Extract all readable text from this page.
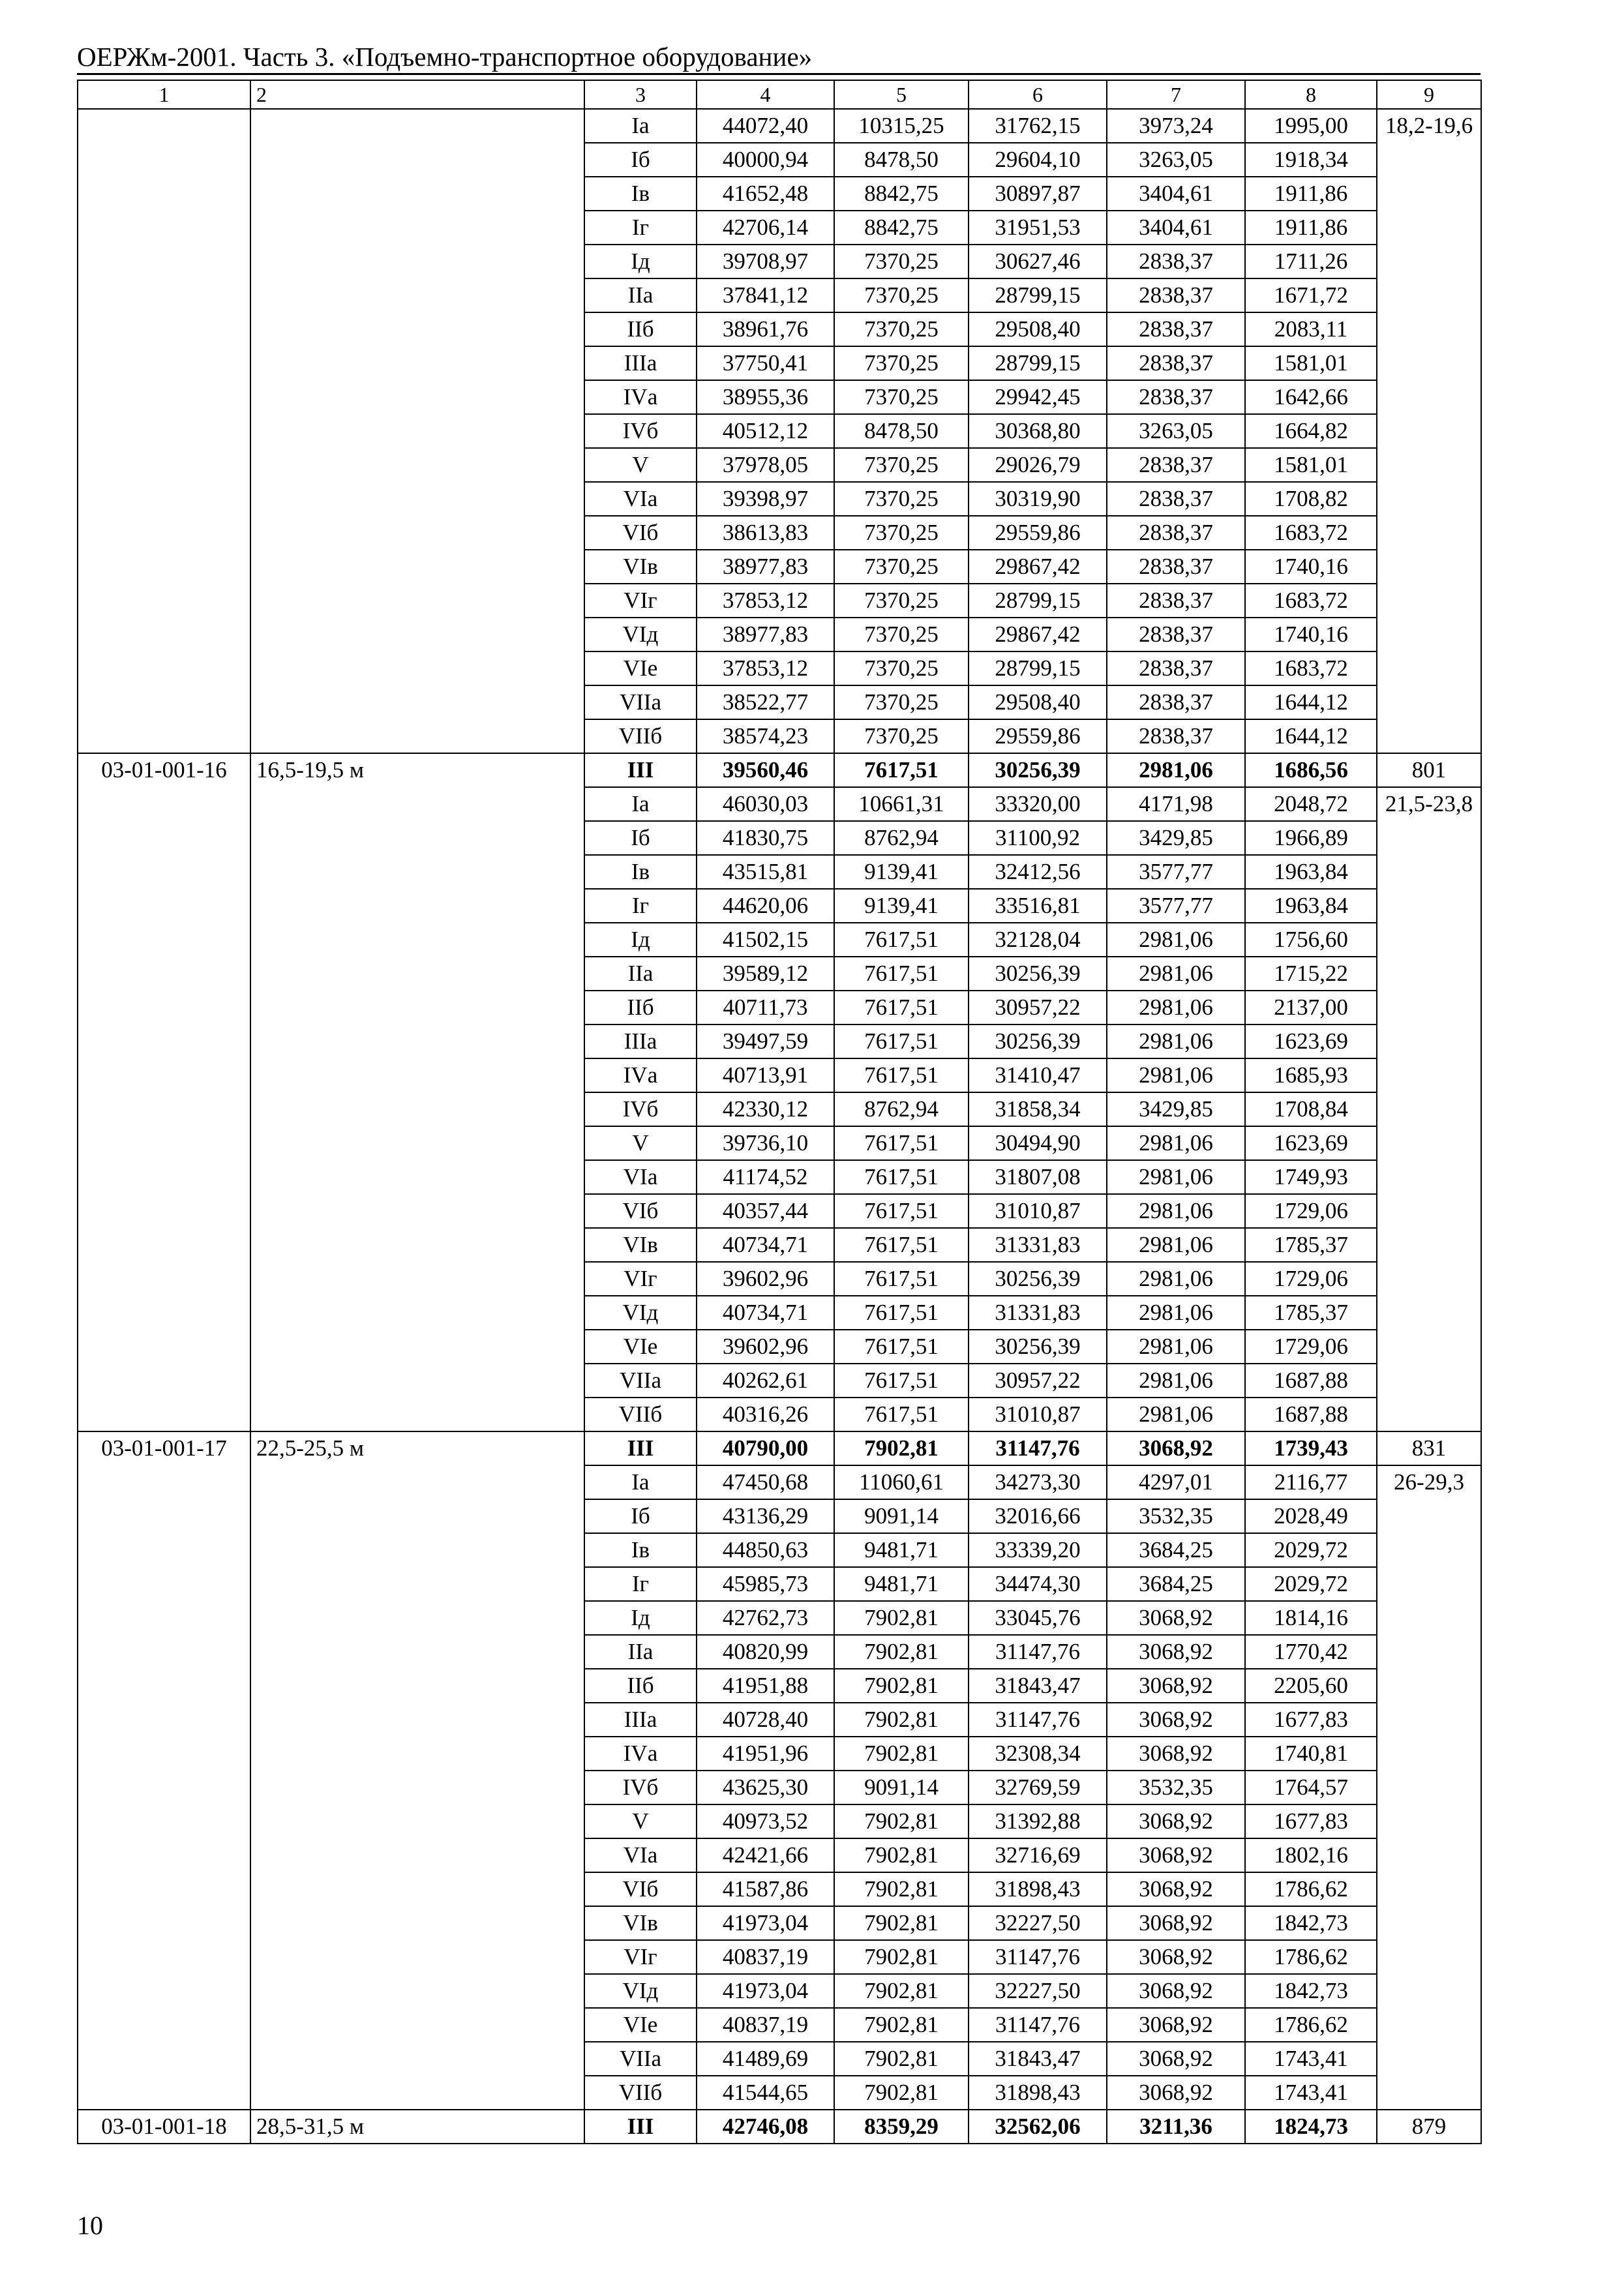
ОЕРЖм-2001. Часть 3. «Подъемно-транспортное оборудование»
1	2	3	4	5	6	7	8	9
		Iа	44072,40	10315,25	31762,15	3973,24	1995,00	18,2-19,6
		Iб	40000,94	8478,50	29604,10	3263,05	1918,34	
		Iв	41652,48	8842,75	30897,87	3404,61	1911,86	
		Iг	42706,14	8842,75	31951,53	3404,61	1911,86	
		Iд	39708,97	7370,25	30627,46	2838,37	1711,26	
		IIа	37841,12	7370,25	28799,15	2838,37	1671,72	
		IIб	38961,76	7370,25	29508,40	2838,37	2083,11	
		IIIа	37750,41	7370,25	28799,15	2838,37	1581,01	
		IVа	38955,36	7370,25	29942,45	2838,37	1642,66	
		IVб	40512,12	8478,50	30368,80	3263,05	1664,82	
		V	37978,05	7370,25	29026,79	2838,37	1581,01	
		VIа	39398,97	7370,25	30319,90	2838,37	1708,82	
		VIб	38613,83	7370,25	29559,86	2838,37	1683,72	
		VIв	38977,83	7370,25	29867,42	2838,37	1740,16	
		VIг	37853,12	7370,25	28799,15	2838,37	1683,72	
		VIд	38977,83	7370,25	29867,42	2838,37	1740,16	
		VIе	37853,12	7370,25	28799,15	2838,37	1683,72	
		VIIа	38522,77	7370,25	29508,40	2838,37	1644,12	
		VIIб	38574,23	7370,25	29559,86	2838,37	1644,12	
03-01-001-16	16,5-19,5 м	III	39560,46	7617,51	30256,39	2981,06	1686,56	801
		Iа	46030,03	10661,31	33320,00	4171,98	2048,72	21,5-23,8
		Iб	41830,75	8762,94	31100,92	3429,85	1966,89	
		Iв	43515,81	9139,41	32412,56	3577,77	1963,84	
		Iг	44620,06	9139,41	33516,81	3577,77	1963,84	
		Iд	41502,15	7617,51	32128,04	2981,06	1756,60	
		IIа	39589,12	7617,51	30256,39	2981,06	1715,22	
		IIб	40711,73	7617,51	30957,22	2981,06	2137,00	
		IIIа	39497,59	7617,51	30256,39	2981,06	1623,69	
		IVа	40713,91	7617,51	31410,47	2981,06	1685,93	
		IVб	42330,12	8762,94	31858,34	3429,85	1708,84	
		V	39736,10	7617,51	30494,90	2981,06	1623,69	
		VIа	41174,52	7617,51	31807,08	2981,06	1749,93	
		VIб	40357,44	7617,51	31010,87	2981,06	1729,06	
		VIв	40734,71	7617,51	31331,83	2981,06	1785,37	
		VIг	39602,96	7617,51	30256,39	2981,06	1729,06	
		VIд	40734,71	7617,51	31331,83	2981,06	1785,37	
		VIе	39602,96	7617,51	30256,39	2981,06	1729,06	
		VIIа	40262,61	7617,51	30957,22	2981,06	1687,88	
		VIIб	40316,26	7617,51	31010,87	2981,06	1687,88	
03-01-001-17	22,5-25,5 м	III	40790,00	7902,81	31147,76	3068,92	1739,43	831
		Iа	47450,68	11060,61	34273,30	4297,01	2116,77	26-29,3
		Iб	43136,29	9091,14	32016,66	3532,35	2028,49	
		Iв	44850,63	9481,71	33339,20	3684,25	2029,72	
		Iг	45985,73	9481,71	34474,30	3684,25	2029,72	
		Iд	42762,73	7902,81	33045,76	3068,92	1814,16	
		IIа	40820,99	7902,81	31147,76	3068,92	1770,42	
		IIб	41951,88	7902,81	31843,47	3068,92	2205,60	
		IIIа	40728,40	7902,81	31147,76	3068,92	1677,83	
		IVа	41951,96	7902,81	32308,34	3068,92	1740,81	
		IVб	43625,30	9091,14	32769,59	3532,35	1764,57	
		V	40973,52	7902,81	31392,88	3068,92	1677,83	
		VIа	42421,66	7902,81	32716,69	3068,92	1802,16	
		VIб	41587,86	7902,81	31898,43	3068,92	1786,62	
		VIв	41973,04	7902,81	32227,50	3068,92	1842,73	
		VIг	40837,19	7902,81	31147,76	3068,92	1786,62	
		VIд	41973,04	7902,81	32227,50	3068,92	1842,73	
		VIе	40837,19	7902,81	31147,76	3068,92	1786,62	
		VIIа	41489,69	7902,81	31843,47	3068,92	1743,41	
		VIIб	41544,65	7902,81	31898,43	3068,92	1743,41	
03-01-001-18	28,5-31,5 м	III	42746,08	8359,29	32562,06	3211,36	1824,73	879
10
